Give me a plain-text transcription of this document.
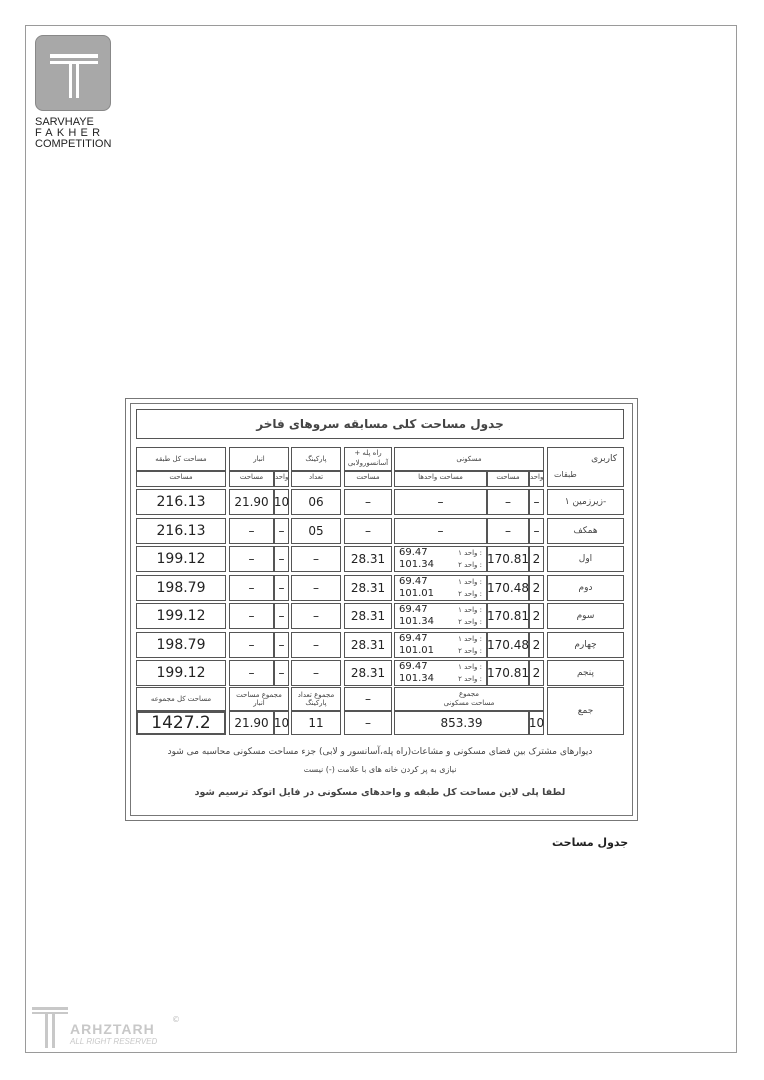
SARVHAYE
FAKHER
COMPETITION
جدول مساحت کلی مسابقه سروهای فاخر
کاربری
طبقات
مسکونی
واحد
مساحت
مساحت واحدها
راه پله + آسانسورولابی
مساحت
پارکینگ
تعداد
انبار
واحد
مساحت
مساحت کل طبقه
مساحت
زیرزمین ۱-
–
–
–
–
06
10
21.90
216.13
همکف
–
–
–
–
05
–
–
216.13
اول
2
170.81
واحد ۱ :
69.47
واحد ۲ :
101.34
28.31
–
–
–
199.12
دوم
2
170.48
واحد ۱ :
69.47
واحد ۲ :
101.01
28.31
–
–
–
198.79
سوم
2
170.81
واحد ۱ :
69.47
واحد ۲ :
101.34
28.31
–
–
–
199.12
چهارم
2
170.48
واحد ۱ :
69.47
واحد ۲ :
101.01
28.31
–
–
–
198.79
پنجم
2
170.81
واحد ۱ :
69.47
واحد ۲ :
101.34
28.31
–
–
–
199.12
جمع
10
مجموع
مساحت مسکونی
853.39
–
–
مجموع تعداد پارکینگ
11
مجموع مساحت انبار
10
21.90
مساحت کل مجموعه
1427.2
دیوارهای مشترک بین فضای مسکونی و مشاعات(راه پله،آسانسور و لابی) جزء مساحت مسکونی محاسبه می شود
نیازی به پر کردن خانه های با علامت (-) نیست
لطفا پلی لاین مساحت کل طبقه و واحدهای مسکونی در فایل اتوکد ترسیم شود
جدول مساحت
ARHZTARH
ALL RIGHT RESERVED
©
